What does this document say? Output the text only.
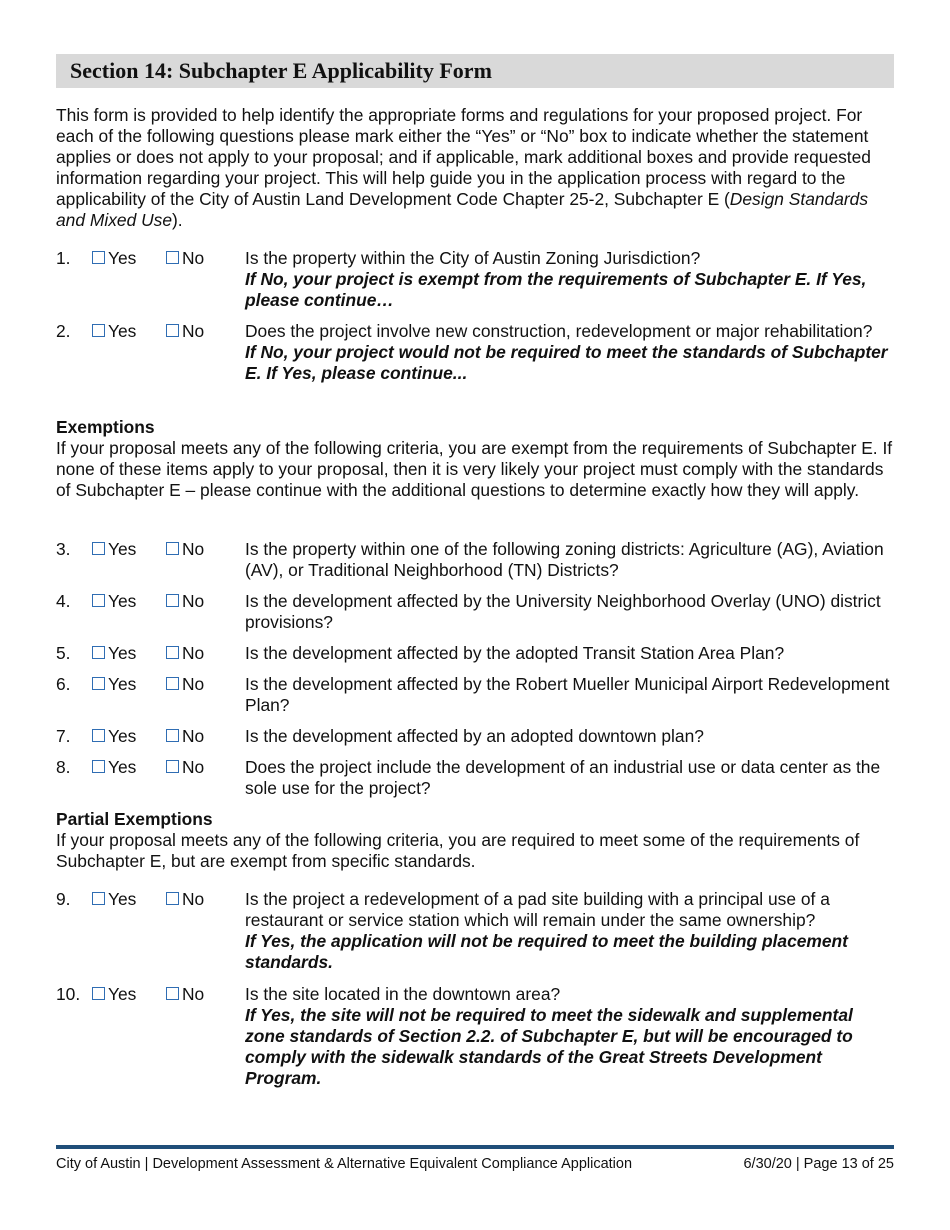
Section 14: Subchapter E Applicability Form
This form is provided to help identify the appropriate forms and regulations for your proposed project. For each of the following questions please mark either the “Yes” or “No” box to indicate whether the statement applies or does not apply to your proposal; and if applicable, mark additional boxes and provide requested information regarding your project. This will help guide you in the application process with regard to the applicability of the City of Austin Land Development Code Chapter 25-2, Subchapter E (Design Standards and Mixed Use).
1. Yes	No Is the property within the City of Austin Zoning Jurisdiction?
If No, your project is exempt from the requirements of Subchapter E. If Yes, please continue…
2. Yes	No Does the project involve new construction, redevelopment or major rehabilitation?
If No, your project would not be required to meet the standards of Subchapter E. If Yes, please continue...
Exemptions
If your proposal meets any of the following criteria, you are exempt from the requirements of Subchapter E. If none of these items apply to your proposal, then it is very likely your project must comply with the standards of Subchapter E – please continue with the additional questions to determine exactly how they will apply.
3. Yes	No Is the property within one of the following zoning districts: Agriculture (AG), Aviation (AV), or Traditional Neighborhood (TN) Districts?
4. Yes	No Is the development affected by the University Neighborhood Overlay (UNO) district provisions?
5. Yes	No Is the development affected by the adopted Transit Station Area Plan?
6. Yes	No Is the development affected by the Robert Mueller Municipal Airport Redevelopment Plan?
7. Yes	No Is the development affected by an adopted downtown plan?
8. Yes	No Does the project include the development of an industrial use or data center as the sole use for the project?
Partial Exemptions
If your proposal meets any of the following criteria, you are required to meet some of the requirements of Subchapter E, but are exempt from specific standards.
9. Yes	No Is the project a redevelopment of a pad site building with a principal use of a restaurant or service station which will remain under the same ownership?
If Yes, the application will not be required to meet the building placement standards.
10. Yes	No Is the site located in the downtown area?
If Yes, the site will not be required to meet the sidewalk and supplemental zone standards of Section 2.2. of Subchapter E, but will be encouraged to comply with the sidewalk standards of the Great Streets Development Program.
City of Austin | Development Assessment & Alternative Equivalent Compliance Application	6/30/20 | Page 13 of 25
